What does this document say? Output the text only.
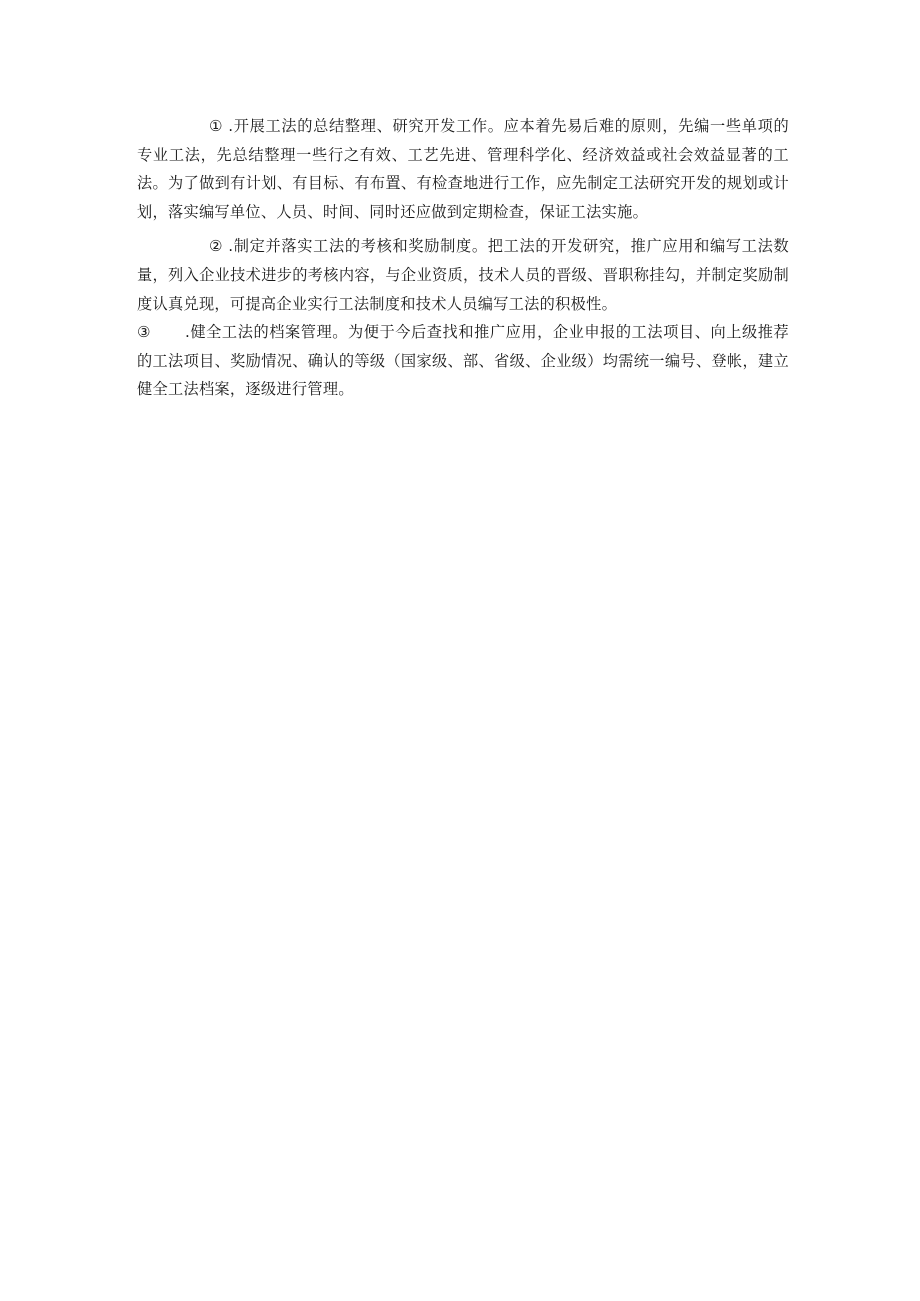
① .开展工法的总结整理、研究开发工作。应本着先易后难的原则，先编一些单项的专业工法，先总结整理一些行之有效、工艺先进、管理科学化、经济效益或社会效益显著的工法。为了做到有计划、有目标、有布置、有检查地进行工作，应先制定工法研究开发的规划或计划，落实编写单位、人员、时间、同时还应做到定期检查，保证工法实施。

② .制定并落实工法的考核和奖励制度。把工法的开发研究，推广应用和编写工法数量，列入企业技术进步的考核内容，与企业资质，技术人员的晋级、晋职称挂勾，并制定奖励制度认真兑现，可提高企业实行工法制度和技术人员编写工法的积极性。

③ .健全工法的档案管理。为便于今后查找和推广应用，企业申报的工法项目、向上级推荐的工法项目、奖励情况、确认的等级（国家级、部、省级、企业级）均需统一编号、登帐，建立健全工法档案，逐级进行管理。
